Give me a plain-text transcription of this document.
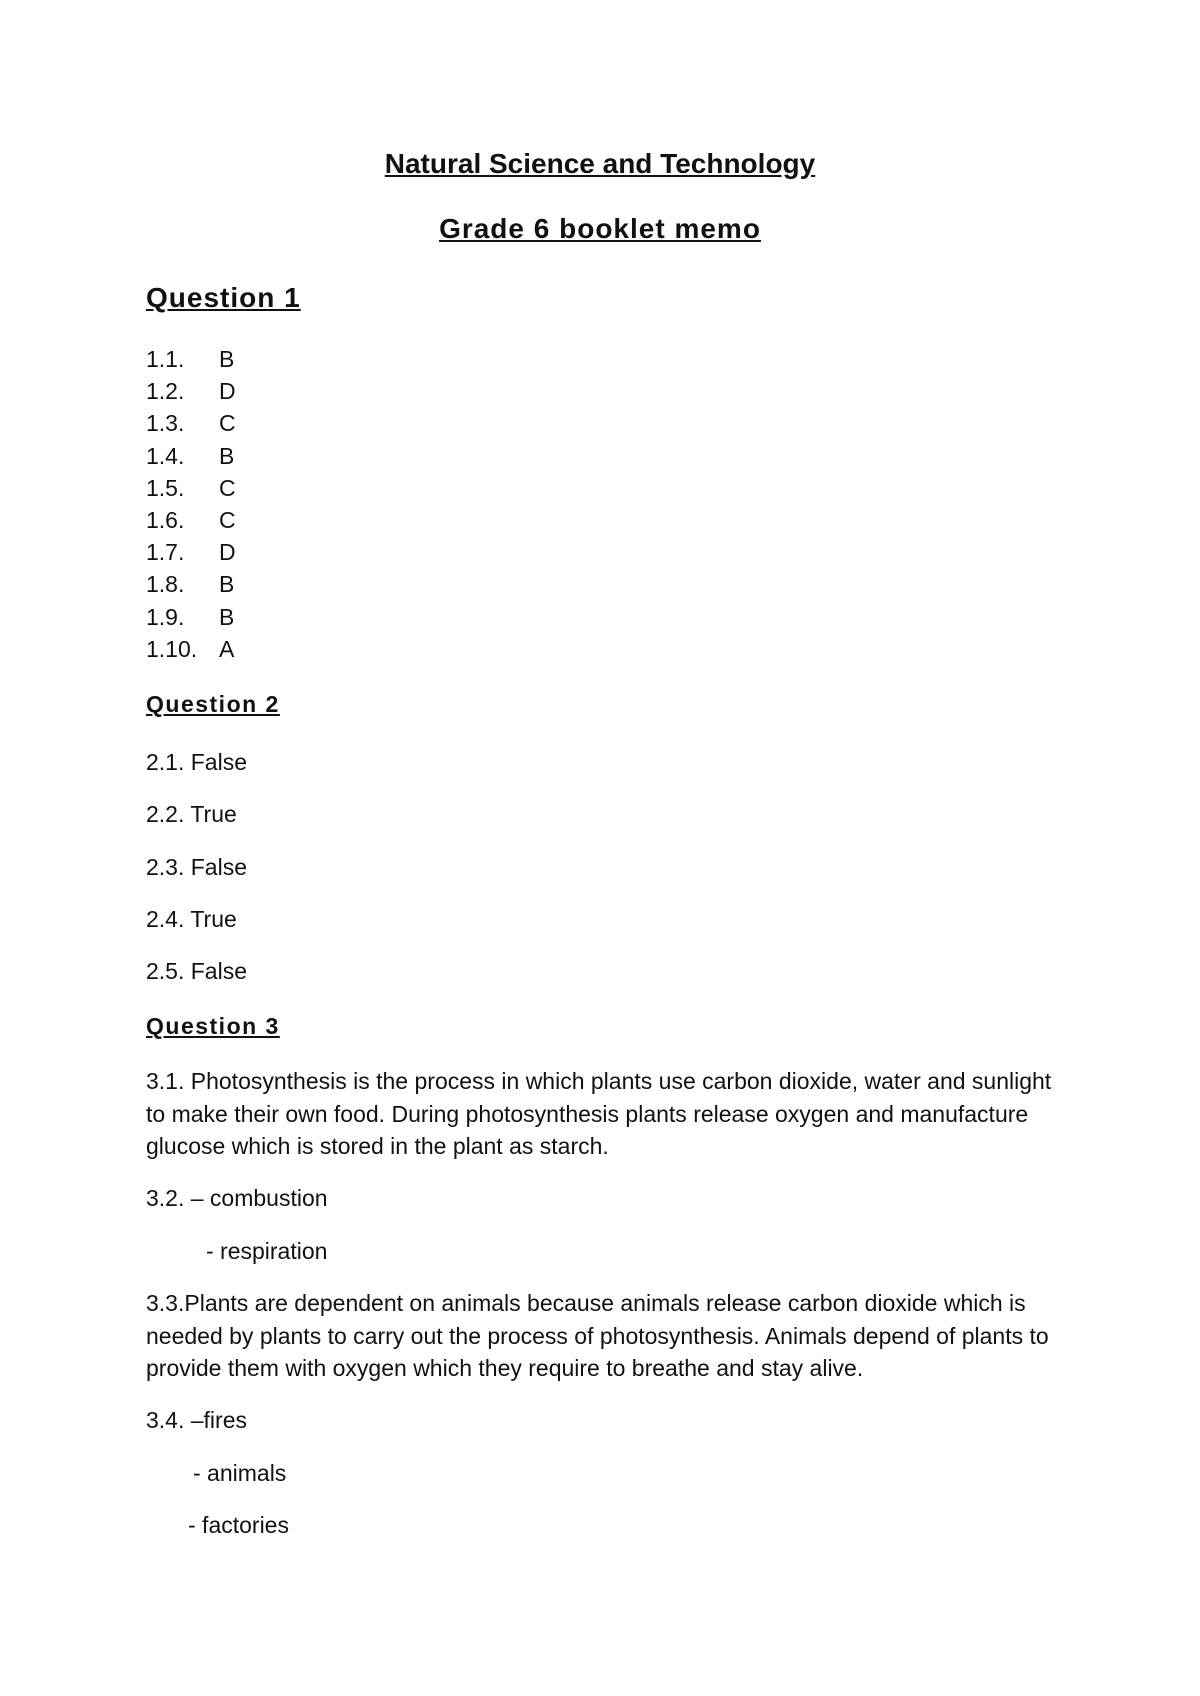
Natural Science and Technology
Grade 6 booklet memo
Question 1
1.1. B
1.2. D
1.3. C
1.4. B
1.5. C
1.6. C
1.7. D
1.8. B
1.9. B
1.10. A
Question 2

2.1. False

2.2. True

2.3. False

2.4. True

2.5. False

Question 3

3.1. Photosynthesis is the process in which plants use carbon dioxide, water and sunlight to make their own food. During photosynthesis plants release oxygen and manufacture glucose which is stored in the plant as starch.

3.2. – combustion

- respiration

3.3.Plants are dependent on animals because animals release carbon dioxide which is needed by plants to carry out the process of photosynthesis. Animals depend of plants to provide them with oxygen which they require to breathe and stay alive.

3.4. –fires

- animals

- factories
